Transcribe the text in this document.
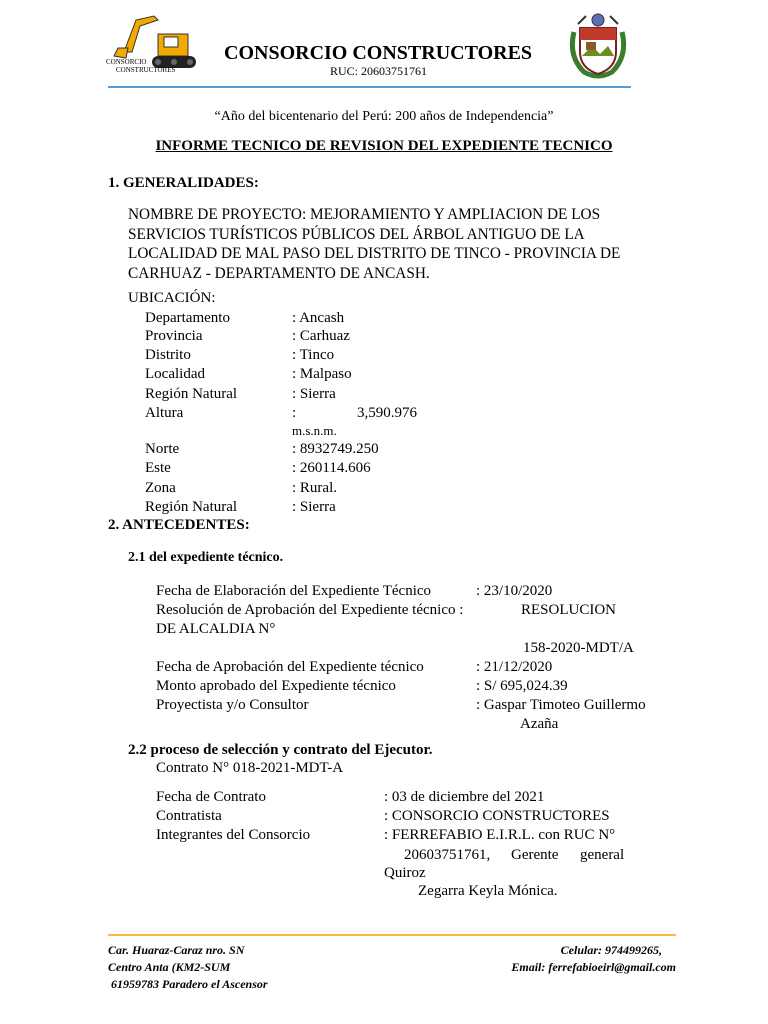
CONSORCIO
CONSTRUCTORES
CONSORCIO CONSTRUCTORES
RUC: 20603751761
“Año del bicentenario del Perú: 200 años de Independencia”
INFORME TECNICO DE REVISION DEL EXPEDIENTE TECNICO
1. GENERALIDADES:
NOMBRE DE PROYECTO: MEJORAMIENTO Y AMPLIACION DE LOS
SERVICIOS TURÍSTICOS PÚBLICOS DEL ÁRBOL ANTIGUO DE LA
LOCALIDAD DE MAL PASO DEL DISTRITO DE TINCO - PROVINCIA DE
CARHUAZ - DEPARTAMENTO DE ANCASH.
UBICACIÓN:
Departamento	: Ancash
Provincia	: Carhuaz
Distrito	: Tinco
Localidad	: Malpaso
Región Natural	: Sierra
Altura	:	3,590.976
m.s.n.m.
Norte	: 8932749.250
Este	: 260114.606
Zona	: Rural.
Región Natural	: Sierra
2. ANTECEDENTES:
2.1 del expediente técnico.
Fecha de Elaboración del Expediente Técnico	: 23/10/2020
Resolución de Aprobación del Expediente técnico :	RESOLUCION
DE ALCALDIA N°
158-2020-MDT/A
Fecha de Aprobación del Expediente técnico	: 21/12/2020
Monto aprobado del Expediente técnico	: S/ 695,024.39
Proyectista y/o Consultor	: Gaspar Timoteo Guillermo
Azaña
2.2 proceso de selección y contrato del Ejecutor.
Contrato N° 018-2021-MDT-A
Fecha de Contrato	: 03 de diciembre del 2021
Contratista	: CONSORCIO CONSTRUCTORES
Integrantes del Consorcio	: FERREFABIO E.I.R.L. con RUC N°
20603751761, Gerente general
Quiroz
Zegarra Keyla Mónica.
Car. Huaraz-Caraz nro. SN
Centro Anta (KM2-SUM
61959783 Paradero el Ascensor
Celular: 974499265,
Email: ferrefabioeirl@gmail.com
